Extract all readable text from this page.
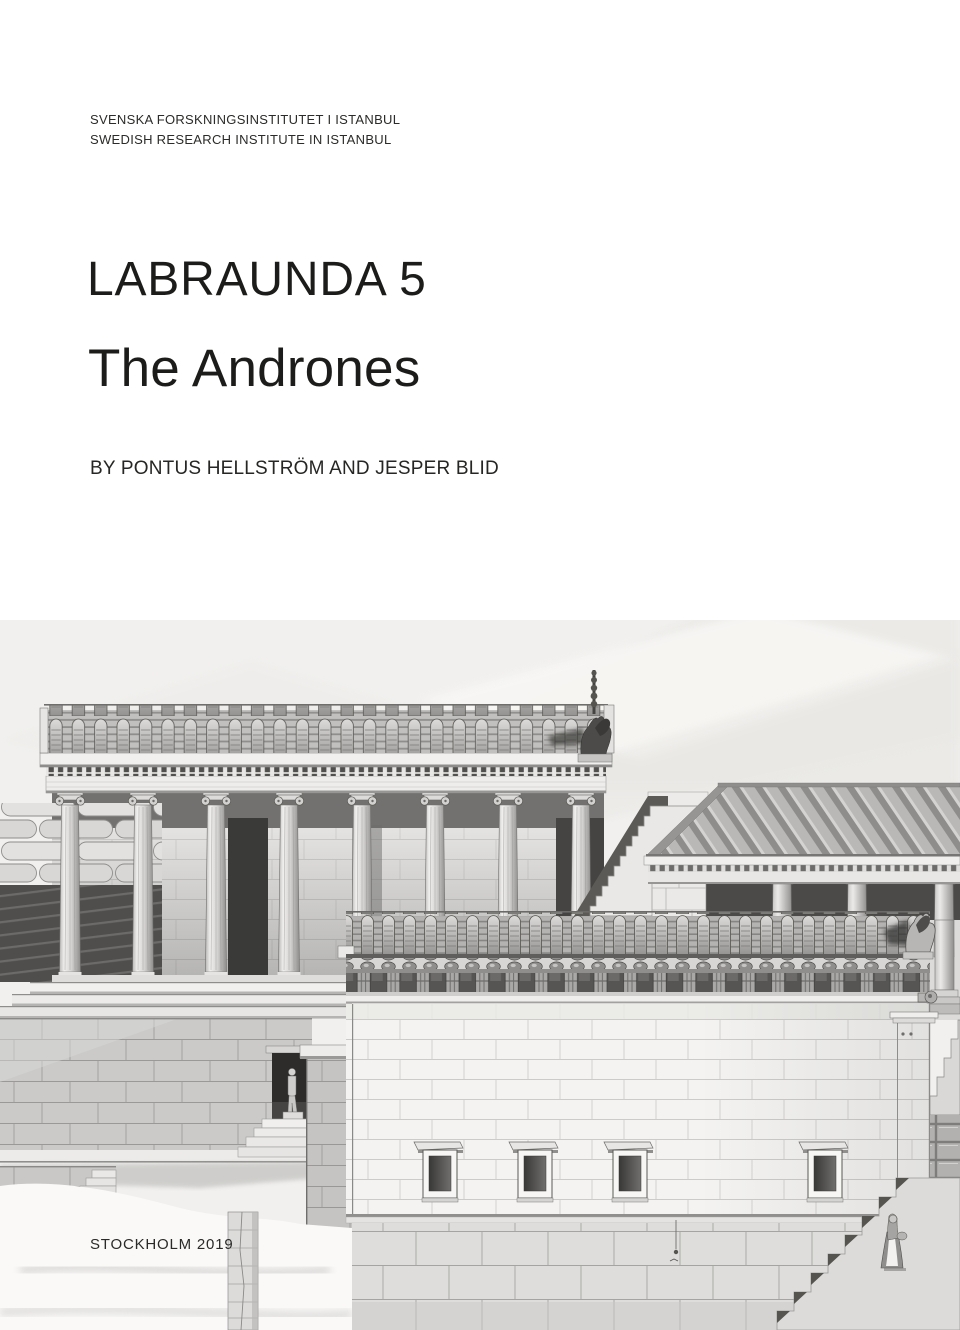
SVENSKA FORSKNINGSINSTITUTET I ISTANBUL
SWEDISH RESEARCH INSTITUTE IN ISTANBUL
LABRAUNDA 5
The Andrones
BY PONTUS HELLSTRÖM AND JESPER BLID
STOCKHOLM 2019
